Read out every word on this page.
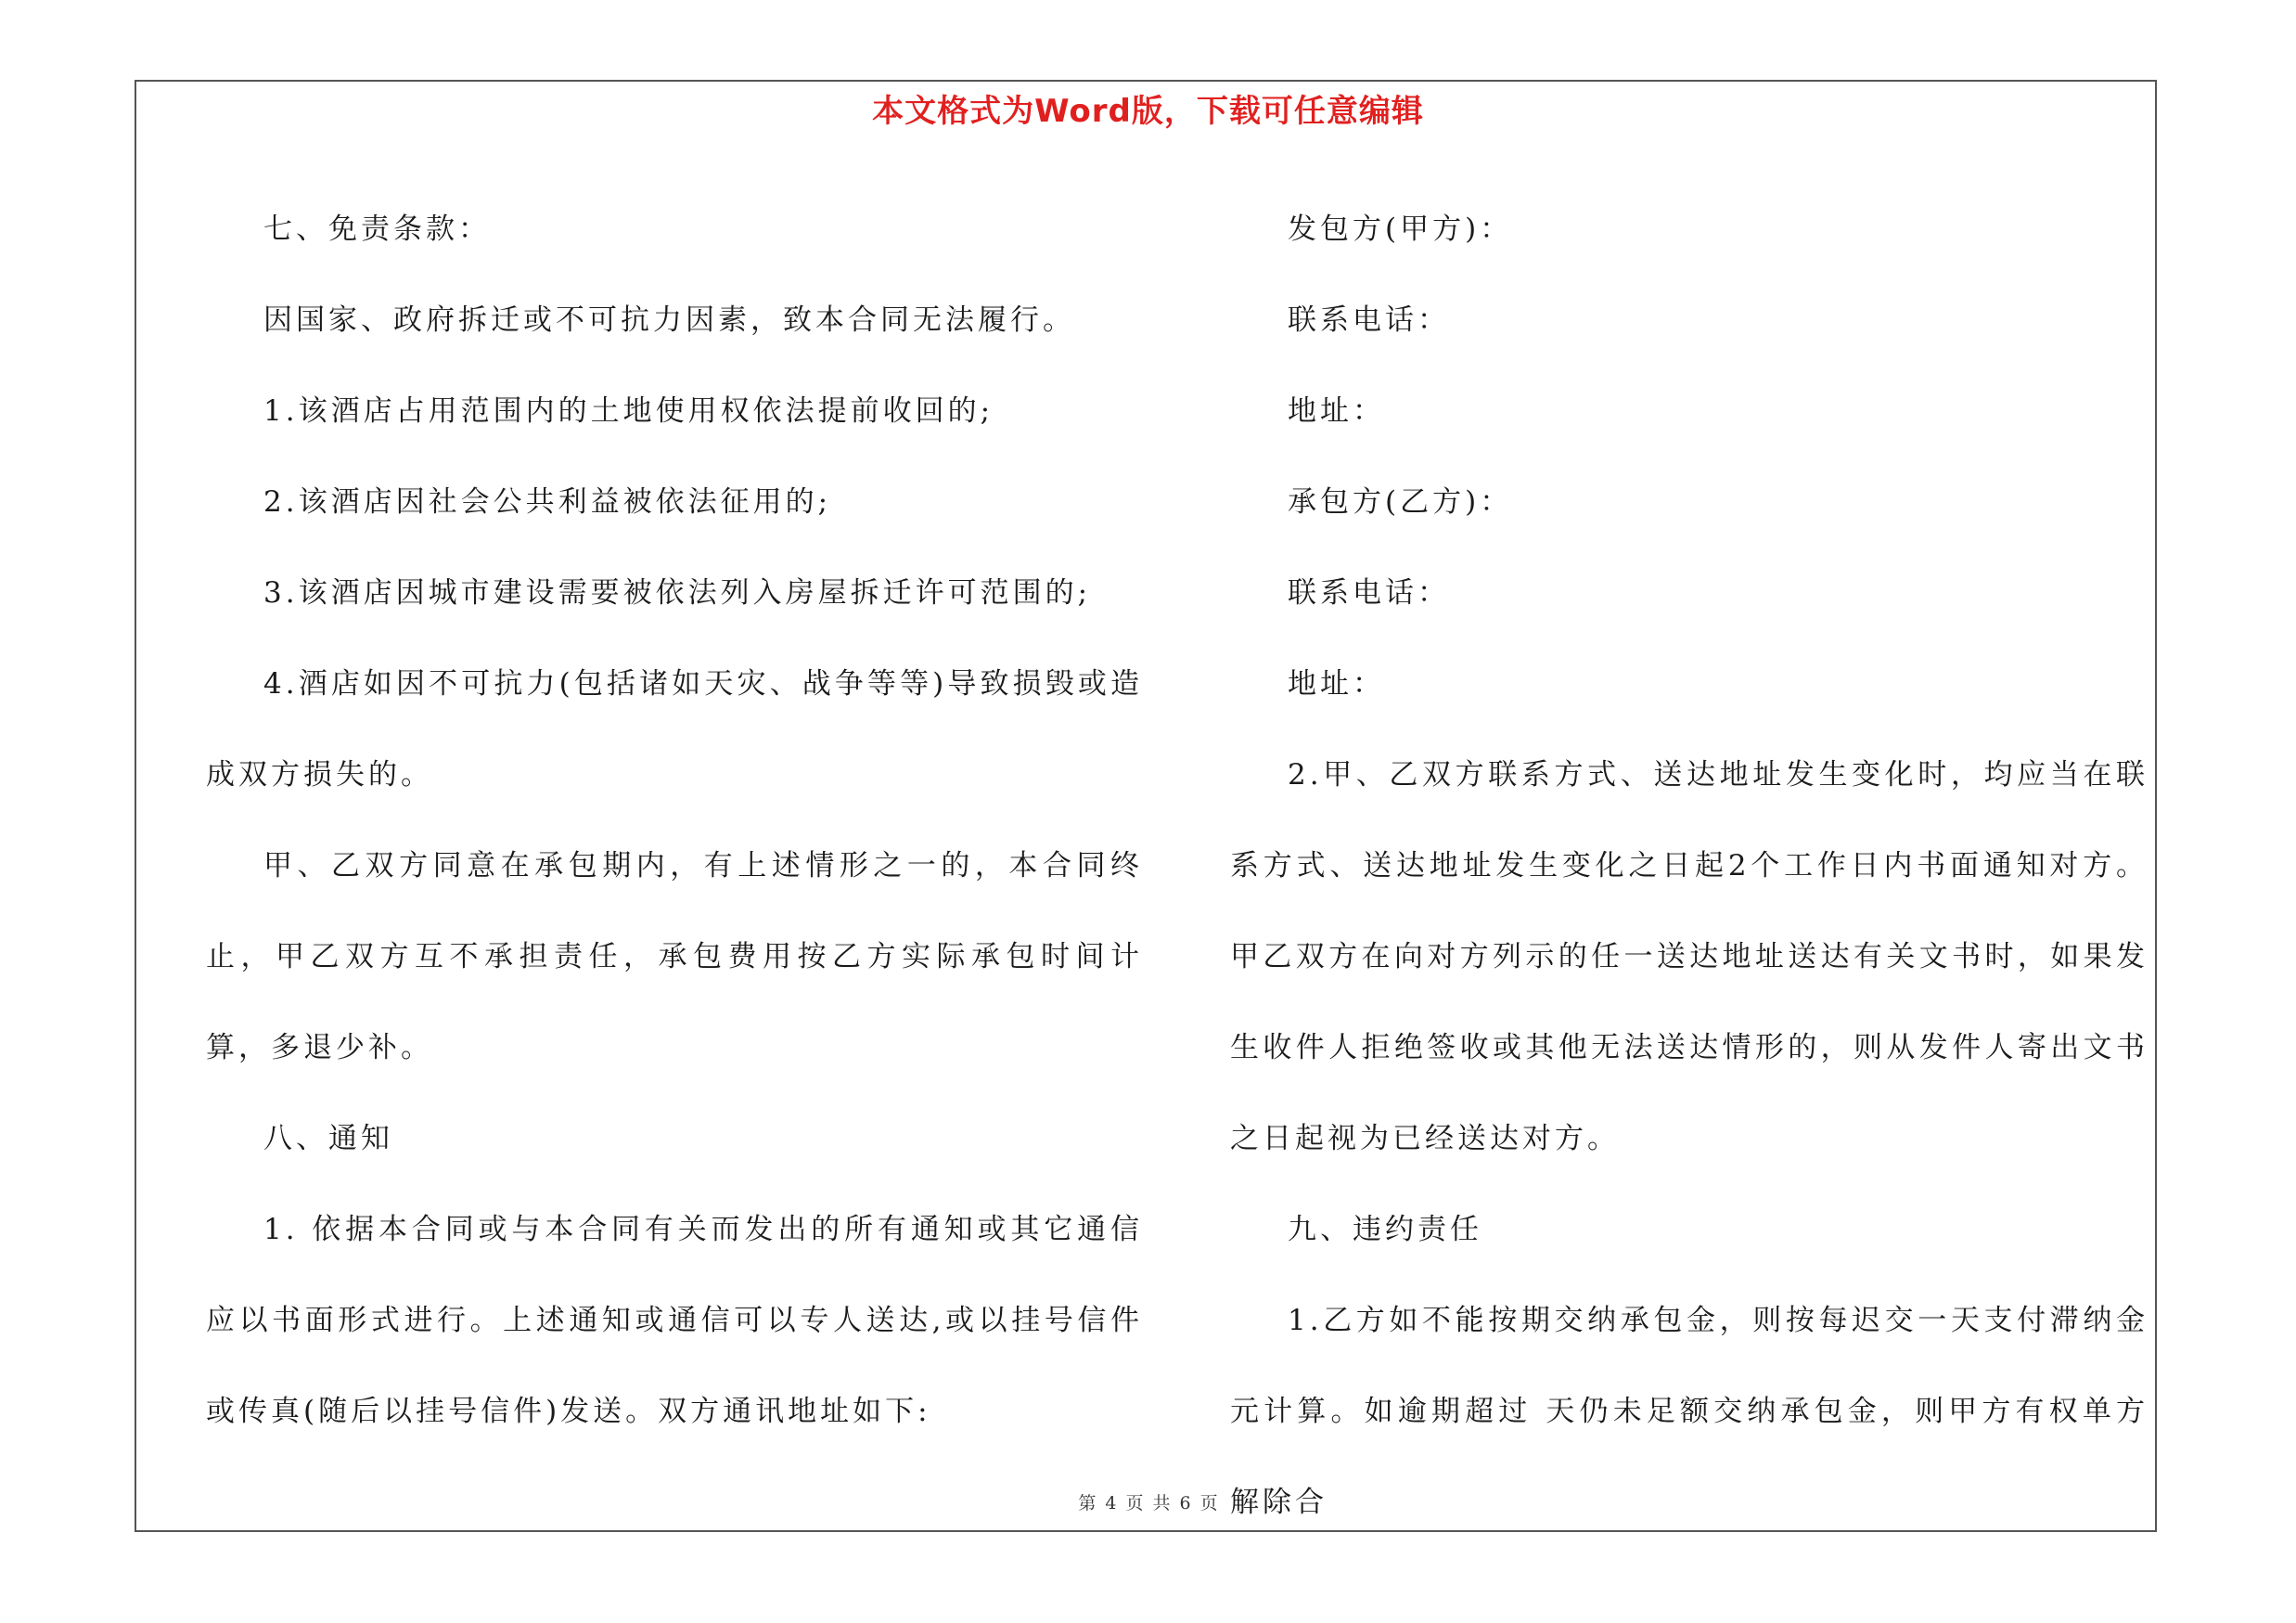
本文格式为Word版，下载可任意编辑

七、免责条款：

因国家、政府拆迁或不可抗力因素，致本合同无法履行。

1.该酒店占用范围内的土地使用权依法提前收回的;

2.该酒店因社会公共利益被依法征用的;

3.该酒店因城市建设需要被依法列入房屋拆迁许可范围的;

4.酒店如因不可抗力(包括诸如天灾、战争等等)导致损毁或造成双方损失的。

甲、乙双方同意在承包期内，有上述情形之一的，本合同终止，甲乙双方互不承担责任，承包费用按乙方实际承包时间计算，多退少补。

八、通知

1. 依据本合同或与本合同有关而发出的所有通知或其它通信应以书面形式进行。上述通知或通信可以专人送达,或以挂号信件或传真(随后以挂号信件)发送。双方通讯地址如下:

发包方(甲方)：

联系电话：

地址：

承包方(乙方)：

联系电话：

地址：

2.甲、乙双方联系方式、送达地址发生变化时，均应当在联系方式、送达地址发生变化之日起2个工作日内书面通知对方。甲乙双方在向对方列示的任一送达地址送达有关文书时，如果发生收件人拒绝签收或其他无法送达情形的，则从发件人寄出文书之日起视为已经送达对方。

九、违约责任

1.乙方如不能按期交纳承包金，则按每迟交一天支付滞纳金 元计算。如逾期超过 天仍未足额交纳承包金，则甲方有权单方解除合

第 4 页 共 6 页
